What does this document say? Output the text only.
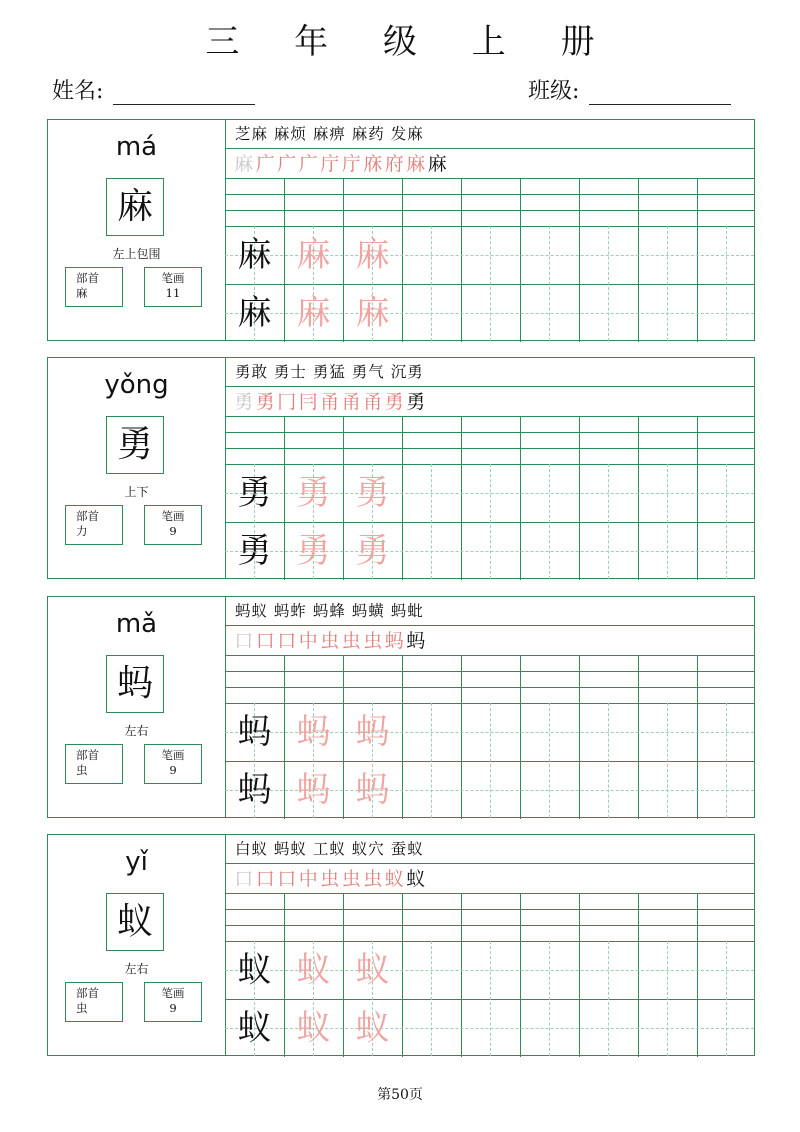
三 年 级 上 册
姓名:	班级:
má
麻
左上包围
部首
麻
笔画
11
芝麻 麻烦 麻痹 麻药 发麻
麻 广 广 广 庁 庁 庥 府 麻 麻
麻 麻 麻
麻 麻 麻
yǒng
勇
上下
部首
力
笔画
9
勇敢 勇士 勇猛 勇气 沉勇
勇 勇 冂 冃 甬 甬 甬 勇 勇
勇 勇 勇
勇 勇 勇
mǎ
蚂
左右
部首
虫
笔画
9
蚂蚁 蚂蚱 蚂蜂 蚂蟥 蚂蚍
口 口 口 中 虫 虫 虫 蚂 蚂
蚂 蚂 蚂
蚂 蚂 蚂
yǐ
蚁
左右
部首
虫
笔画
9
白蚁 蚂蚁 工蚁 蚁穴 蚕蚁
口 口 口 中 虫 虫 虫 蚁 蚁
蚁 蚁 蚁
蚁 蚁 蚁
第50页
